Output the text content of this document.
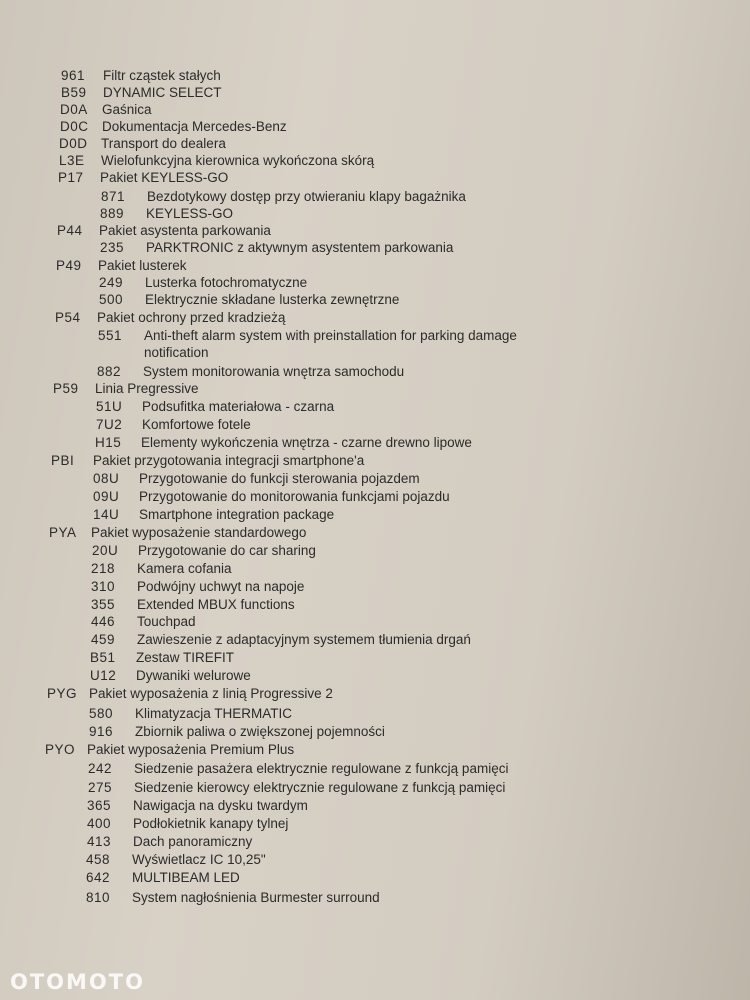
961 Filtr cząstek stałych
B59 DYNAMIC SELECT
D0A Gaśnica
D0C Dokumentacja Mercedes-Benz
D0D Transport do dealera
L3E Wielofunkcyjna kierownica wykończona skórą
P17 Pakiet KEYLESS-GO
871 Bezdotykowy dostęp przy otwieraniu klapy bagażnika
889 KEYLESS-GO
P44 Pakiet asystenta parkowania
235 PARKTRONIC z aktywnym asystentem parkowania
P49 Pakiet lusterek
249 Lusterka fotochromatyczne
500 Elektrycznie składane lusterka zewnętrzne
P54 Pakiet ochrony przed kradzieżą
551 Anti-theft alarm system with preinstallation for parking damage notification
882 System monitorowania wnętrza samochodu
P59 Linia Pregressive
51U Podsufitka materiałowa - czarna
7U2 Komfortowe fotele
H15 Elementy wykończenia wnętrza - czarne drewno lipowe
PBI Pakiet przygotowania integracji smartphone'a
08U Przygotowanie do funkcji sterowania pojazdem
09U Przygotowanie do monitorowania funkcjami pojazdu
14U Smartphone integration package
PYA Pakiet wyposażenie standardowego
20U Przygotowanie do car sharing
218 Kamera cofania
310 Podwójny uchwyt na napoje
355 Extended MBUX functions
446 Touchpad
459 Zawieszenie z adaptacyjnym systemem tłumienia drgań
B51 Zestaw TIREFIT
U12 Dywaniki welurowe
PYG Pakiet wyposażenia z linią Progressive 2
580 Klimatyzacja THERMATIC
916 Zbiornik paliwa o zwiększonej pojemności
PYO Pakiet wyposażenia Premium Plus
242 Siedzenie pasażera elektrycznie regulowane z funkcją pamięci
275 Siedzenie kierowcy elektrycznie regulowane z funkcją pamięci
365 Nawigacja na dysku twardym
400 Podłokietnik kanapy tylnej
413 Dach panoramiczny
458 Wyświetlacz IC 10,25"
642 MULTIBEAM LED
810 System nagłośnienia Burmester surround
OTOMOTO
